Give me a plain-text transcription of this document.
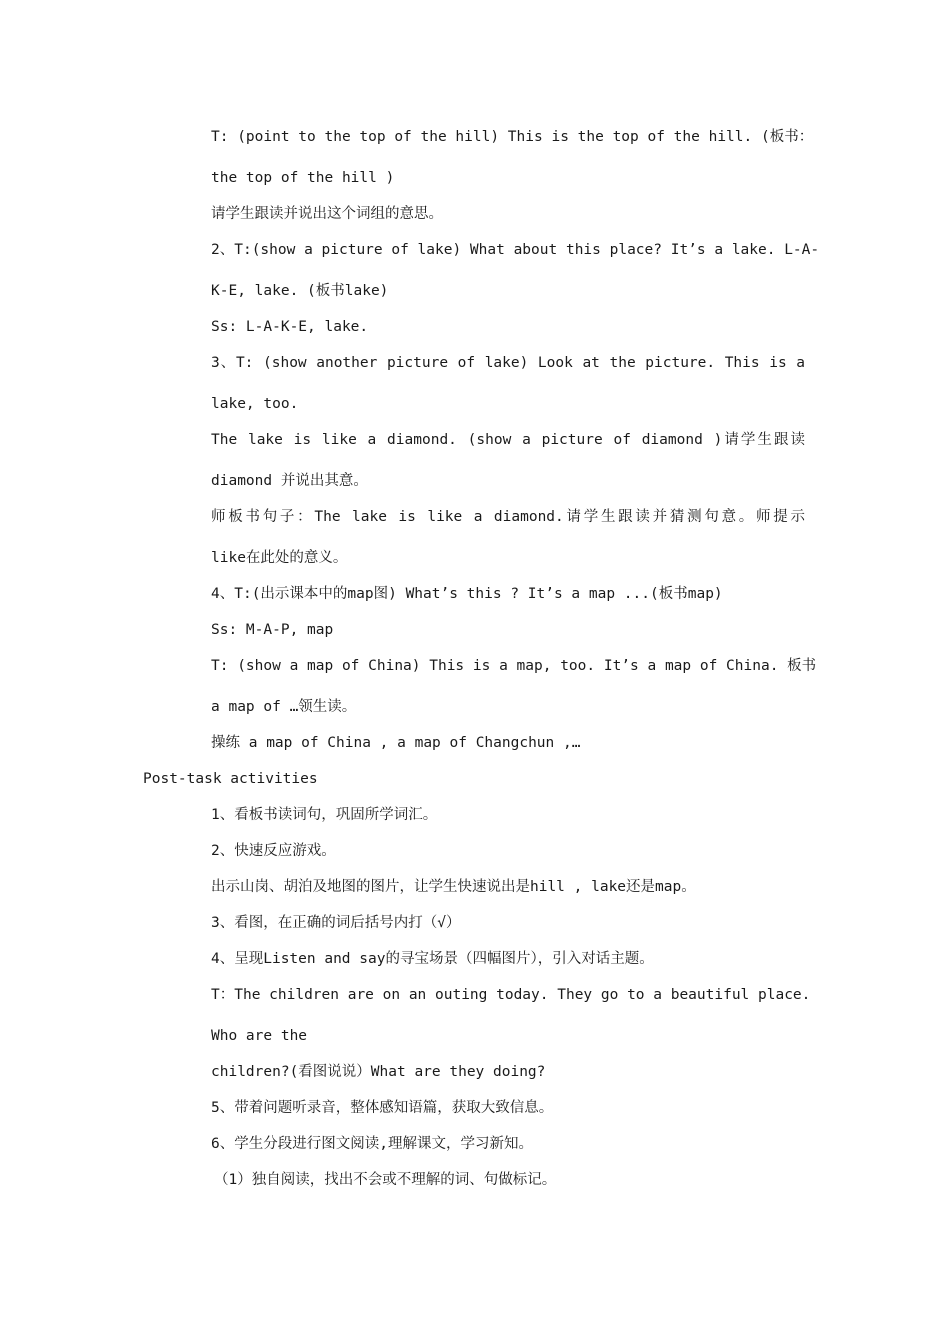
T: (point to the top of the hill) This is the top of the hill. (板书：
the top of the hill )
请学生跟读并说出这个词组的意思。
2、T:(show a picture of lake) What about this place? It’s a lake. L-A-
K-E, lake. (板书lake)
Ss: L-A-K-E, lake.
3、T: (show another picture of lake) Look at the picture. This is a
lake, too.
The lake is like a diamond. (show a picture of diamond )请学生跟读
diamond 并说出其意。
师板书句子：The lake is like a diamond.请学生跟读并猜测句意。师提示
like在此处的意义。
4、T:(出示课本中的map图) What’s this ? It’s a map ...(板书map)
Ss: M-A-P, map
T: (show a map of China) This is a map, too. It’s a map of China. 板书
a map of …领生读。
操练 a map of China , a map of Changchun ,…
Post-task activities
1、看板书读词句，巩固所学词汇。
2、快速反应游戏。
出示山岗、胡泊及地图的图片，让学生快速说出是hill , lake还是map。
3、看图，在正确的词后括号内打（√）
4、呈现Listen and say的寻宝场景（四幅图片），引入对话主题。
T：The children are on an outing today. They go to a beautiful place.
Who are the
children?(看图说说）What are they doing?
5、带着问题听录音，整体感知语篇，获取大致信息。
6、学生分段进行图文阅读,理解课文，学习新知。
（1）独自阅读，找出不会或不理解的词、句做标记。
